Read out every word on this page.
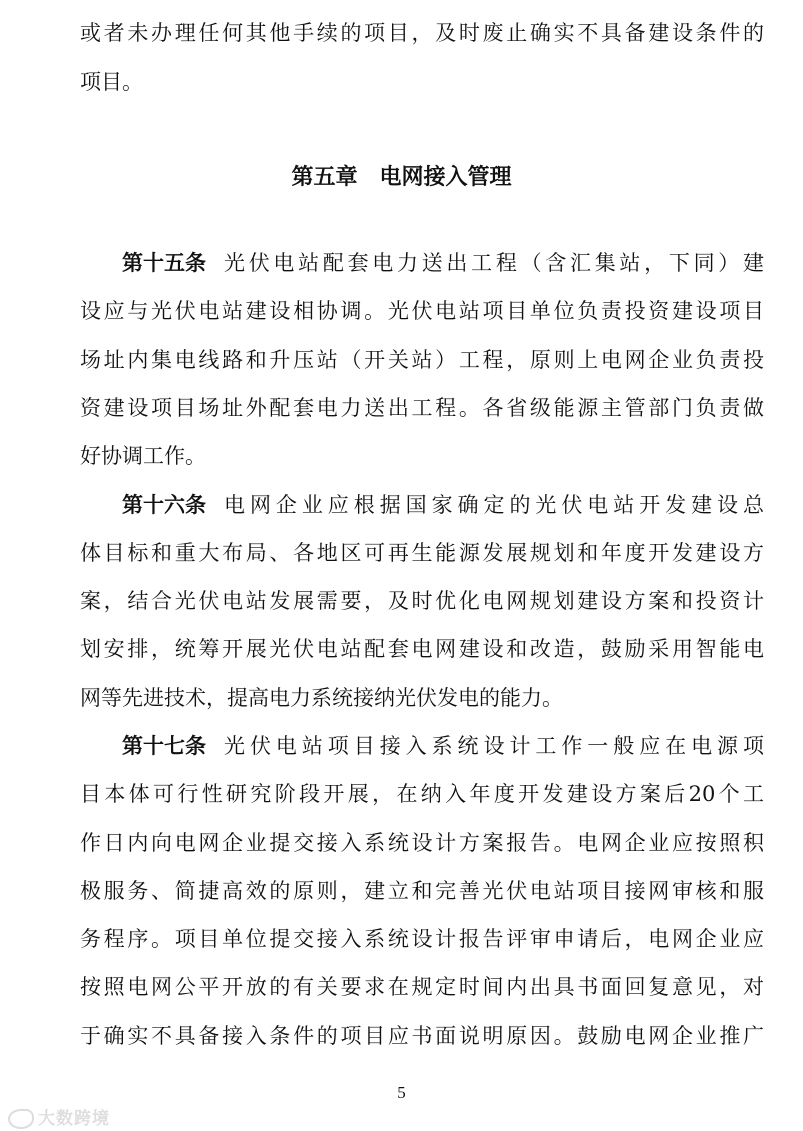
或者未办理任何其他手续的项目，及时废止确实不具备建设条件的
项目。
第十五条 光伏电站配套电力送出工程（含汇集站，下同）建
设应与光伏电站建设相协调。光伏电站项目单位负责投资建设项目
场址内集电线路和升压站（开关站）工程，原则上电网企业负责投
资建设项目场址外配套电力送出工程。各省级能源主管部门负责做
好协调工作。
第十六条 电网企业应根据国家确定的光伏电站开发建设总
体目标和重大布局、各地区可再生能源发展规划和年度开发建设方
案，结合光伏电站发展需要，及时优化电网规划建设方案和投资计
划安排，统筹开展光伏电站配套电网建设和改造，鼓励采用智能电
网等先进技术，提高电力系统接纳光伏发电的能力。
第十七条 光伏电站项目接入系统设计工作一般应在电源项
目本体可行性研究阶段开展，在纳入年度开发建设方案后20个工
作日内向电网企业提交接入系统设计方案报告。电网企业应按照积
极服务、简捷高效的原则，建立和完善光伏电站项目接网审核和服
务程序。项目单位提交接入系统设计报告评审申请后，电网企业应
按照电网公平开放的有关要求在规定时间内出具书面回复意见，对
于确实不具备接入条件的项目应书面说明原因。鼓励电网企业推广
第五章　电网接入管理
5
大数跨境
